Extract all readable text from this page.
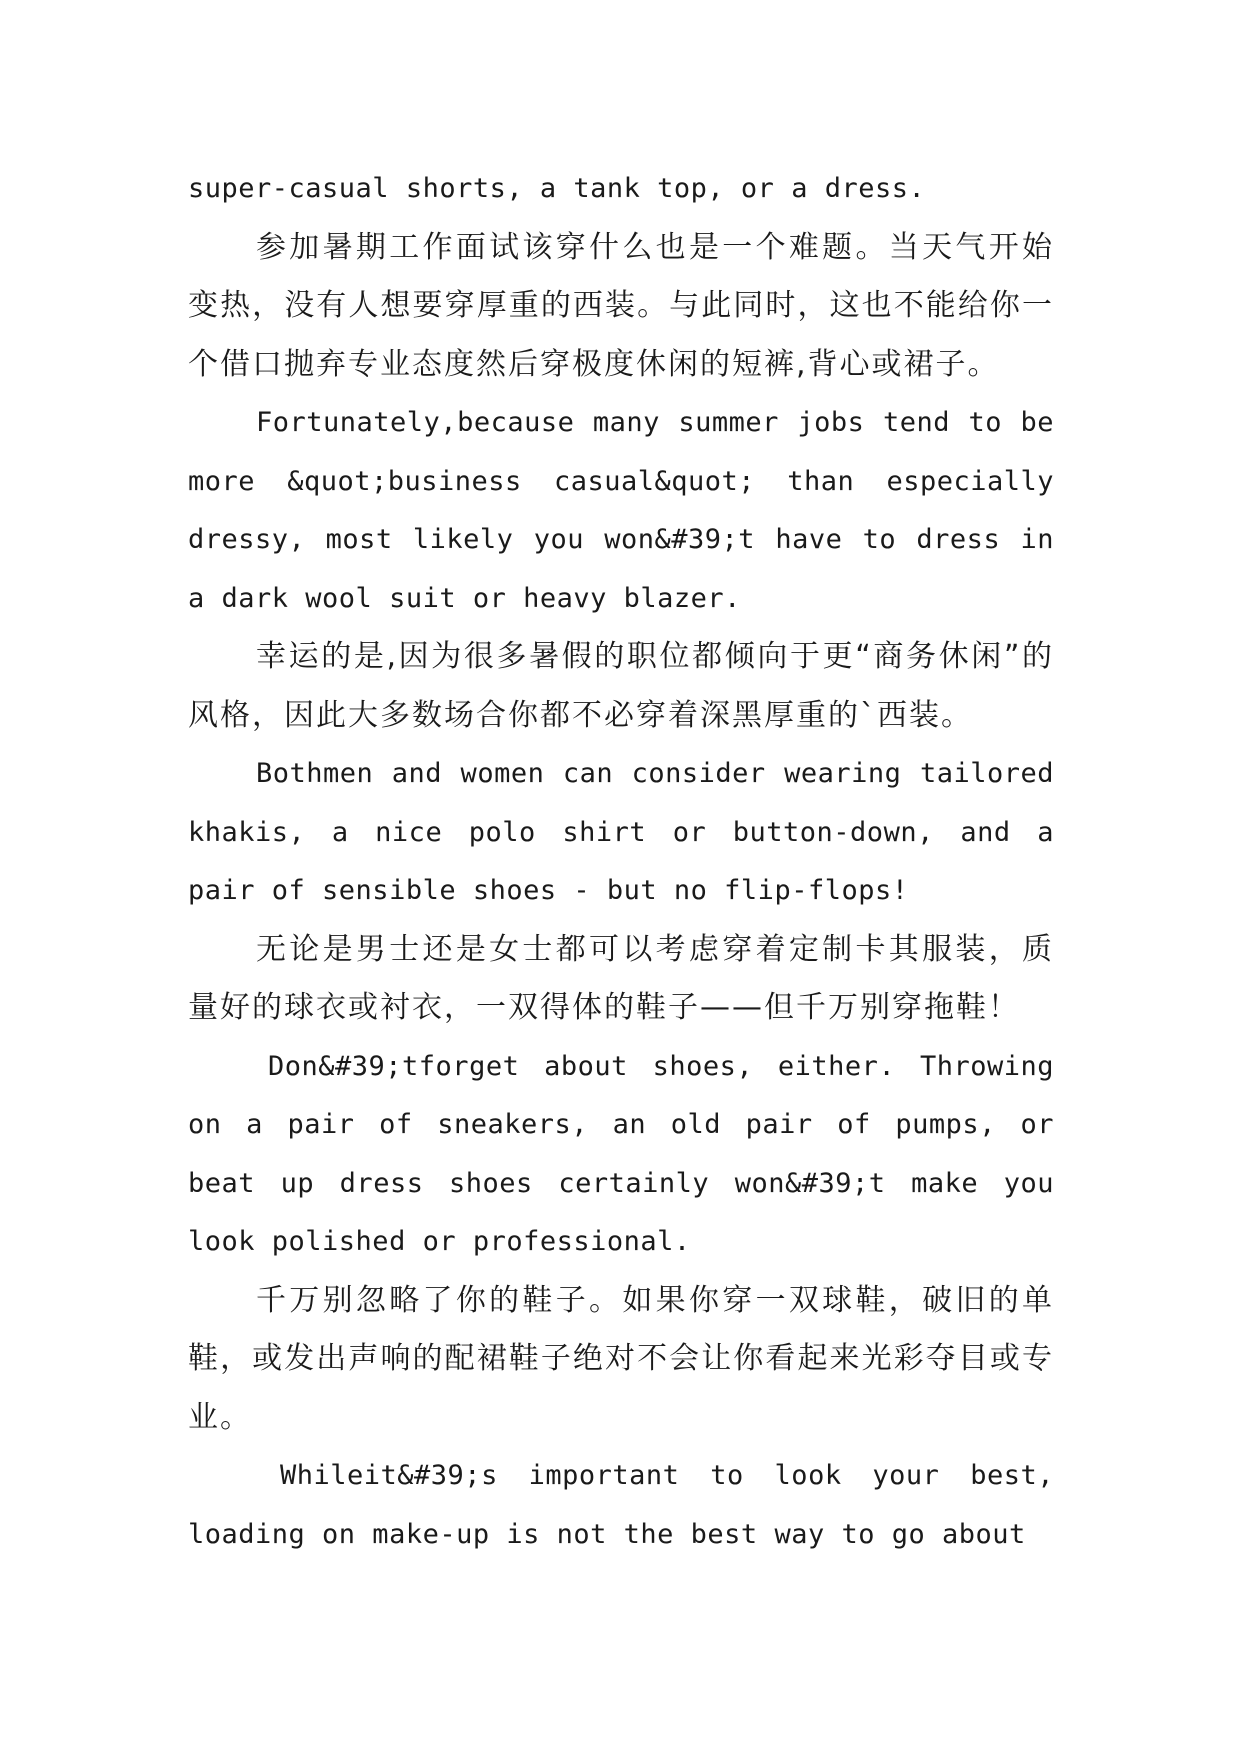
super-casual shorts, a tank top, or a dress.

参加暑期工作面试该穿什么也是一个难题。当天气开始变热，没有人想要穿厚重的西装。与此同时，这也不能给你一个借口抛弃专业态度然后穿极度休闲的短裤,背心或裙子。

Fortunately,because many summer jobs tend to be more &quot;business casual&quot; than especially dressy, most likely you won&#39;t have to dress in a dark wool suit or heavy blazer.

幸运的是,因为很多暑假的职位都倾向于更“商务休闲”的风格，因此大多数场合你都不必穿着深黑厚重的`西装。

Bothmen and women can consider wearing tailored khakis, a nice polo shirt or button-down, and a pair of sensible shoes - but no flip-flops!

无论是男士还是女士都可以考虑穿着定制卡其服装，质量好的球衣或衬衣，一双得体的鞋子——但千万别穿拖鞋！

Don&#39;tforget about shoes, either. Throwing on a pair of sneakers, an old pair of pumps, or beat up dress shoes certainly won&#39;t make you look polished or professional.

千万别忽略了你的鞋子。如果你穿一双球鞋，破旧的单鞋，或发出声响的配裙鞋子绝对不会让你看起来光彩夺目或专业。

Whileit&#39;s important to look your best, loading on make-up is not the best way to go about
